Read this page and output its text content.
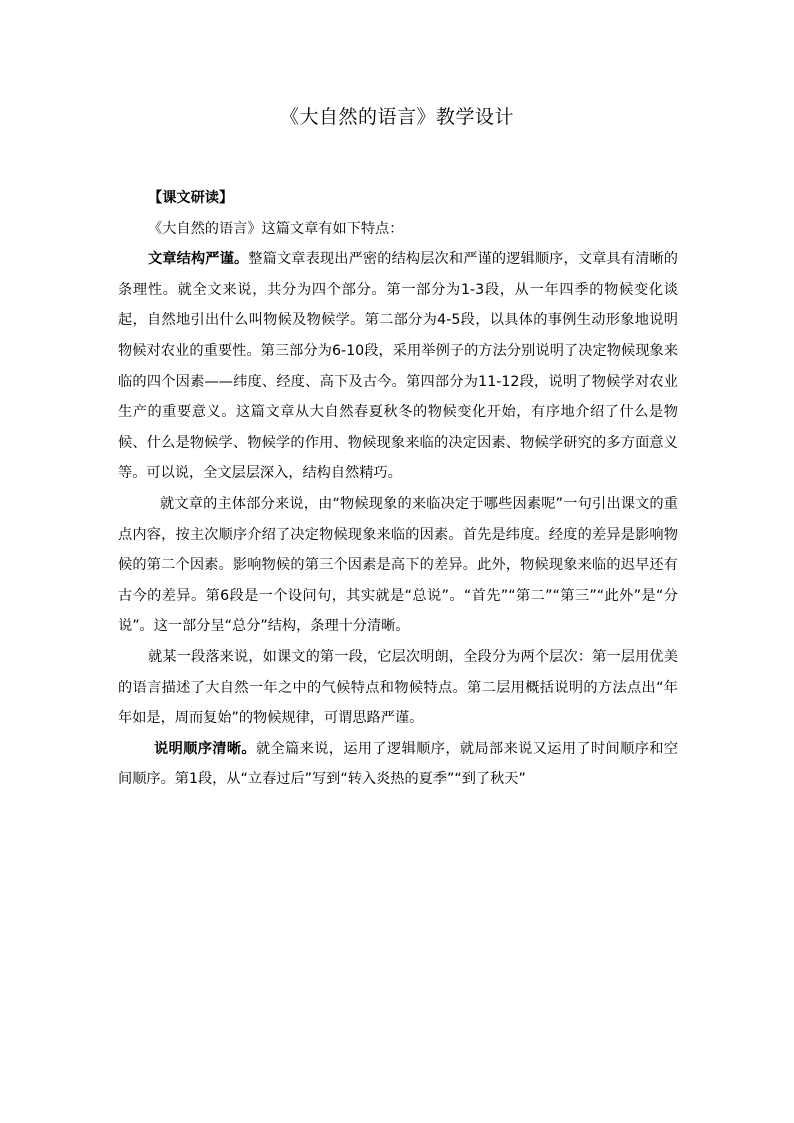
《大自然的语言》教学设计

【课文研读】

《大自然的语言》这篇文章有如下特点：

文章结构严谨。整篇文章表现出严密的结构层次和严谨的逻辑顺序，文章具有清晰的条理性。就全文来说，共分为四个部分。第一部分为1-3段，从一年四季的物候变化谈起，自然地引出什么叫物候及物候学。第二部分为4-5段，以具体的事例生动形象地说明物候对农业的重要性。第三部分为6-10段，采用举例子的方法分别说明了决定物候现象来临的四个因素——纬度、经度、高下及古今。第四部分为11-12段，说明了物候学对农业生产的重要意义。这篇文章从大自然春夏秋冬的物候变化开始，有序地介绍了什么是物候、什么是物候学、物候学的作用、物候现象来临的决定因素、物候学研究的多方面意义等。可以说，全文层层深入，结构自然精巧。

就文章的主体部分来说，由“物候现象的来临决定于哪些因素呢”一句引出课文的重点内容，按主次顺序介绍了决定物候现象来临的因素。首先是纬度。经度的差异是影响物候的第二个因素。影响物候的第三个因素是高下的差异。此外，物候现象来临的迟早还有古今的差异。第6段是一个设问句，其实就是“总说”。“首先”“第二”“第三”“此外”是“分说”。这一部分呈“总分”结构，条理十分清晰。

就某一段落来说，如课文的第一段，它层次明朗，全段分为两个层次：第一层用优美的语言描述了大自然一年之中的气候特点和物候特点。第二层用概括说明的方法点出“年年如是，周而复始”的物候规律，可谓思路严谨。

说明顺序清晰。就全篇来说，运用了逻辑顺序，就局部来说又运用了时间顺序和空间顺序。第1段，从“立春过后”写到“转入炎热的夏季”“到了秋天”
